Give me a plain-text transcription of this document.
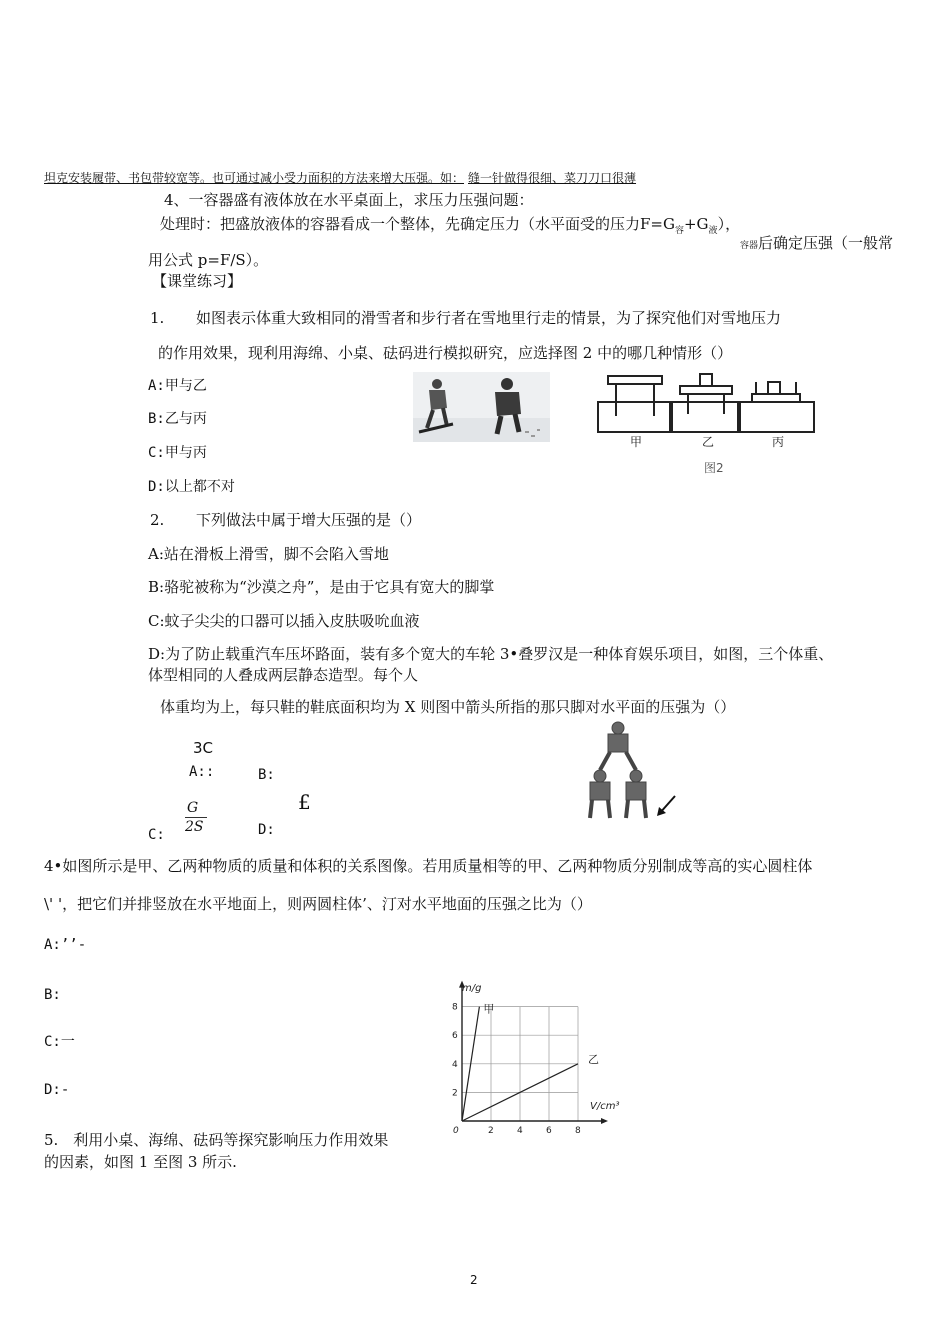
坦克安装履带、书包带较宽等。也可通过减小受力面积的方法来增大压强。如： 缝一针做得很细、菜刀刀口很薄
4、一容器盛有液体放在水平桌面上，求压力压强问题：
处理时：把盛放液体的容器看成一个整体，先确定压力（水平面受的压力$F=G_容+G_液$），
容器后确定压强（一般常
用公式 p=F/S）。
【课堂练习】
1. 如图表示体重大致相同的滑雪者和步行者在雪地里行走的情景，为了探究他们对雪地压力
的作用效果，现利用海绵、小桌、砝码进行模拟研究，应选择图 2 中的哪几种情形（）
A:甲与乙
B:乙与丙
C:甲与丙
D:以上都不对
甲	乙	丙
图2
2. 下列做法中属于增大压强的是（）
A:站在滑板上滑雪，脚不会陷入雪地
B:骆驼被称为“沙漠之舟”，是由于它具有宽大的脚掌
C:蚊子尖尖的口器可以插入皮肤吸吮血液
D:为了防止载重汽车压坏路面，装有多个宽大的车轮 3•叠罗汉是一种体育娱乐项目，如图，三个体重、
体型相同的人叠成两层静态造型。每个人
体重均为上，每只鞋的鞋底面积均为 X 则图中箭头所指的那只脚对水平面的压强为（）
3C
A::	B:
£
G
2S
C:	D:
4•如图所示是甲、乙两种物质的质量和体积的关系图像。若用质量相等的甲、乙两种物质分别制成等高的实心圆柱体
\' '，把它们并排竖放在水平地面上，则两圆柱体’、汀对水平地面的压强之比为（）
A:’’-
B:
C:一
D:-
甲
乙
0	2	4	6	8
2
4
6
8
m/g
V/cm³
5.　利用小桌、海绵、砝码等探究影响压力作用效果
的因素，如图 1 至图 3 所示.
2
